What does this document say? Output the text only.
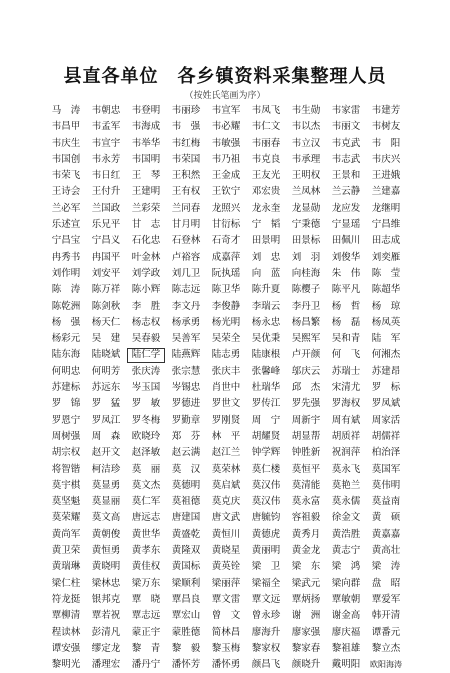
县直各单位　各乡镇资料采集整理人员
（按姓氏笔画为序）
马　涛	韦朝忠	韦登明	韦丽珍	韦宣军	韦凤飞	韦生勋	韦家雷	韦建芳
韦昌甲	韦孟军	韦海成	韦　强	韦必耀	韦仁文	韦以杰	韦丽文	韦树友
韦庆生	韦宣宇	韦举华	韦红梅	韦敏强	韦丽春	韦立汉	韦克武	韦　阳
韦国创	韦永芳	韦国明	韦荣国	韦乃祖	韦克良	韦承理	韦志武	韦庆兴
韦荣飞	韦日红	王　琴	王积然	王金成	王友光	王明权	王景和	王进娥
王诗会	王付升	王建明	王有权	王钦宁	邓宏贵	兰凤林	兰云静	兰建嘉
兰必军	兰国政	兰彩荣	兰同春	龙照兴	龙永奎	龙显勋	龙应发	龙继明
乐述宣	乐兄平	甘　志	甘月明	甘衍标	宁　韬	宁秉德	宁显瑶	宁昌维
宁昌宝	宁昌义	石化忠	石登林	石奇才	田景明	田景标	田佩川	田志成
冉秀书	冉国平	叶金林	卢裕容	成嘉萍	刘　忠	刘　羽	刘俊华	刘奕雁
刘作明	刘安平	刘学政	刘几卫	阮执瑶	向　蓝	向桂海	朱　伟	陈　莹
陈　涛	陈万祥	陈小辉	陈志远	陈卫华	陈升夏	陈樱子	陈平凡	陈超华
陈乾洲	陈剑秋	李　胜	李文丹	李俊静	李瑞云	李丹卫	杨　哲	杨　琼
杨　强	杨天仁	杨志权	杨承勇	杨光明	杨永忠	杨昌繁	杨　磊	杨凤英
杨彩元	吴　建	吴春毅	吴善军	吴荣全	吴优秉	吴熙军	吴和青	陆　军
陆东海	陆晓斌	陆仁学	陆燕辉	陆志勇	陆康根	卢开颜	何　飞	何湘杰
何明忠	何明芳	张庆涛	张宗慧	张庆丰	张馨峰	邬庆云	苏瑞士	苏建昂
苏建标	苏远东	岑玉国	岑锡忠	肖世中	杜瑞华	邱　杰	宋清尤	罗　标
罗　锦	罗　猛	罗　敏	罗德进	罗世文	罗传江	罗先强	罗海权	罗凤斌
罗恩宁	罗凤江	罗冬梅	罗勤章	罗刚贤	周　宁	周新宇	周有斌	周家活
周树强	周　森	欧晓玲	郑　芬	林　平	胡耀贤	胡显帮	胡质祥	胡儒祥
胡宗权	赵开文	赵泽敏	赵云满	赵江兰	钟学辉	钟胜新	祝润萍	柏治泽
将智锴	柯洁珍	莫　丽	莫　汉	莫荣林	莫仁楼	莫恒平	莫永飞	莫国军
莫宇棋	莫显勇	莫文杰	莫德明	莫启斌	莫汉伟	莫清能	莫艳兰	莫伟明
莫坚魁	莫显丽	莫仁军	莫祖德	莫克庆	莫汉伟	莫永富	莫永儒	莫益南
莫荣耀	莫文高	唐远志	唐建国	唐文武	唐毓钧	容祖毅	徐金文	黄　硕
黄尚军	黄朝俊	黄世华	黄盛乾	黄恒川	黄德虎	黄秀月	黄浩胜	黄嘉嘉
黄卫荣	黄恒勇	黄孝东	黄隆双	黄晓星	黄丽明	黄金龙	黄志宁	黄高壮
黄瑞琳	黄晓明	黄佳权	黄国标	黄英铨	梁　卫	梁　东	梁　鸿	梁　涛
梁仁柱	梁林忠	梁万东	梁顺利	梁丽萍	梁福全	梁武元	梁向群	盘　昭
符龙挺	银邦克	覃　晓	覃昌良	覃文雷	覃文远	覃炳扬	覃敏朝	覃爱军
覃柳清	覃若祝	覃志远	覃宏山	曾　文	曾永珍	谢　洲	谢金高	韩开清
程读林	彭清凡	蒙正宇	蒙胜德	简林昌	廖海升	廖家强	廖庆福	谭番元
谭安强	缪定龙	黎　青	黎　毅	黎玉梅	黎家权	黎家春	黎祖雄	黎立杰
黎明光	潘理宏	潘丹宁	潘怀芳	潘怀勇	颜昌飞	颜晓升	戴明阳	欧阳海涛
